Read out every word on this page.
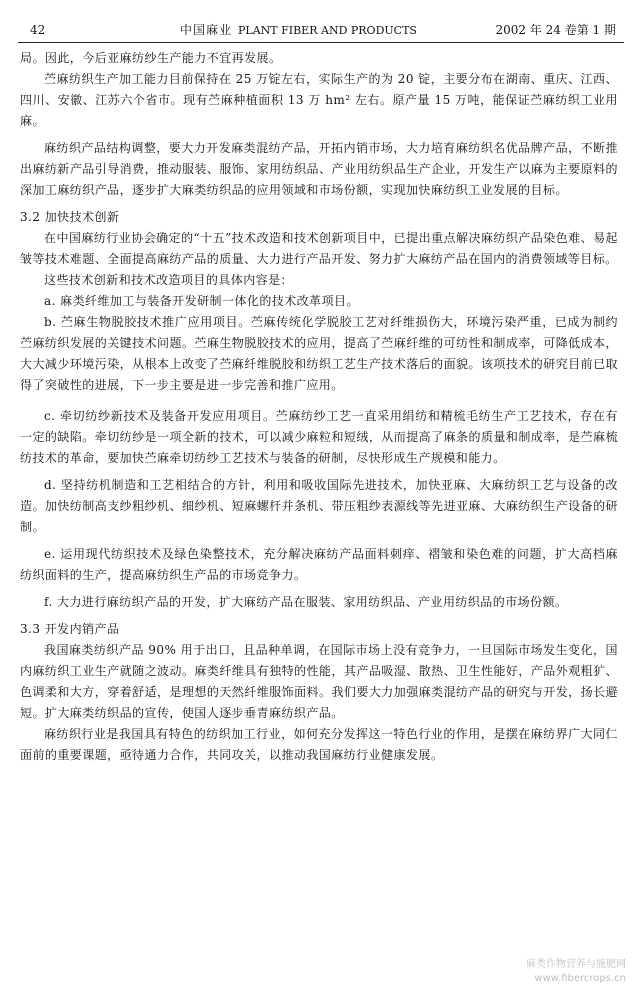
42	中国麻业 PLANT FIBER AND PRODUCTS	2002 年 24 卷第 1 期

局。因此，今后亚麻纺纱生产能力不宜再发展。

苎麻纺织生产加工能力目前保持在 25 万锭左右，实际生产的为 20 锭，主要分布在湖南、重庆、江西、四川、安徽、江苏六个省市。现有苎麻种植面积 13 万 hm² 左右。原产量 15 万吨，能保证苎麻纺织工业用麻。

麻纺织产品结构调整，要大力开发麻类混纺产品，开拓内销市场，大力培育麻纺织名优品牌产品，不断推出麻纺新产品引导消费，推动服装、服饰、家用纺织品、产业用纺织品生产企业，开发生产以麻为主要原料的深加工麻纺织产品，逐步扩大麻类纺织品的应用领域和市场份额，实现加快麻纺织工业发展的目标。

3.2 加快技术创新

在中国麻纺行业协会确定的“十五”技术改造和技术创新项目中，已提出重点解决麻纺织产品染色难、易起皱等技术难题、全面提高麻纺产品的质量、大力进行产品开发、努力扩大麻纺产品在国内的消费领域等目标。

这些技术创新和技术改造项目的具体内容是：

a. 麻类纤维加工与装备开发研制一体化的技术改革项目。

b. 苎麻生物脱胶技术推广应用项目。苎麻传统化学脱胶工艺对纤维损伤大，环境污染严重，已成为制约苎麻纺织发展的关键技术问题。苎麻生物脱胶技术的应用，提高了苎麻纤维的可纺性和制成率，可降低成本，大大减少环境污染，从根本上改变了苎麻纤维脱胶和纺织工艺生产技术落后的面貌。该项技术的研究目前已取得了突破性的进展，下一步主要是进一步完善和推广应用。

c. 牵切纺纱新技术及装备开发应用项目。苎麻纺纱工艺一直采用绢纺和精梳毛纺生产工艺技术，存在有一定的缺陷。牵切纺纱是一项全新的技术，可以减少麻粒和短绒，从而提高了麻条的质量和制成率，是苎麻梳纺技术的革命，要加快苎麻牵切纺纱工艺技术与装备的研制，尽快形成生产规模和能力。

d. 坚持纺机制造和工艺相结合的方针，利用和吸收国际先进技术，加快亚麻、大麻纺织工艺与设备的改造。加快纺制高支纱粗纱机、细纱机、短麻螺杆并条机、带压粗纱表源线等先进亚麻、大麻纺织生产设备的研制。

e. 运用现代纺织技术及绿色染整技术，充分解决麻纺产品面料刺痒、褶皱和染色难的问题，扩大高档麻纺织面料的生产，提高麻纺织生产品的市场竞争力。

f. 大力进行麻纺织产品的开发，扩大麻纺产品在服装、家用纺织品、产业用纺织品的市场份额。

3.3 开发内销产品

我国麻类纺织产品 90% 用于出口，且品种单调，在国际市场上没有竞争力，一旦国际市场发生变化，国内麻纺织工业生产就随之波动。麻类纤维具有独特的性能，其产品吸湿、散热、卫生性能好，产品外观粗犷、色调柔和大方，穿着舒适，是理想的天然纤维服饰面料。我们要大力加强麻类混纺产品的研究与开发，扬长避短。扩大麻类纺织品的宣传，使国人逐步垂青麻纺织产品。

麻纺织行业是我国具有特色的纺织加工行业，如何充分发挥这一特色行业的作用，是摆在麻纺界广大同仁面前的重要课题，亟待通力合作，共同攻关，以推动我国麻纺行业健康发展。

麻类作物营养与施肥网
www.fibercrops.cn
